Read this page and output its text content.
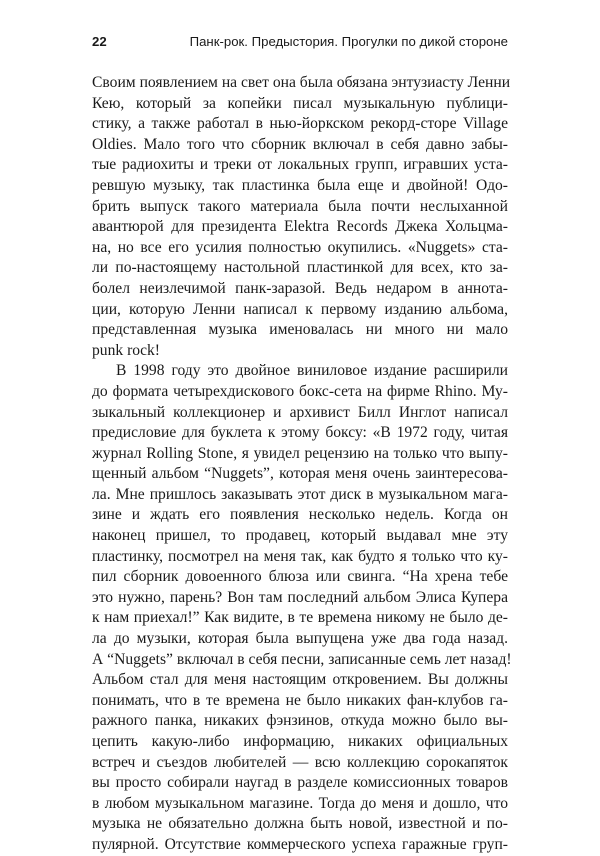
22	Панк-рок. Предыстория. Прогулки по дикой стороне
Своим появлением на свет она была обязана энтузиасту Ленни
Кею, который за копейки писал музыкальную публици-
стику, а также работал в нью-йоркском рекорд-сторе Village
Oldies. Мало того что сборник включал в себя давно забы-
тые радиохиты и треки от локальных групп, игравших уста-
ревшую музыку, так пластинка была еще и двойной! Одо-
брить выпуск такого материала была почти неслыханной
авантюрой для президента Elektra Records Джека Хольцма-
на, но все его усилия полностью окупились. «Nuggets» ста-
ли по-настоящему настольной пластинкой для всех, кто за-
болел неизлечимой панк-заразой. Ведь недаром в аннота-
ции, которую Ленни написал к первому изданию альбома,
представленная музыка именовалась ни много ни мало
punk rock!
В 1998 году это двойное виниловое издание расширили
до формата четырехдискового бокс-сета на фирме Rhino. Му-
зыкальный коллекционер и архивист Билл Инглот написал
предисловие для буклета к этому боксу: «В 1972 году, читая
журнал Rolling Stone, я увидел рецензию на только что выпу-
щенный альбом “Nuggets”, которая меня очень заинтересова-
ла. Мне пришлось заказывать этот диск в музыкальном мага-
зине и ждать его появления несколько недель. Когда он
наконец пришел, то продавец, который выдавал мне эту
пластинку, посмотрел на меня так, как будто я только что ку-
пил сборник довоенного блюза или свинга. “На хрена тебе
это нужно, парень? Вон там последний альбом Элиса Купера
к нам приехал!” Как видите, в те времена никому не было де-
ла до музыки, которая была выпущена уже два года назад.
А “Nuggets” включал в себя песни, записанные семь лет назад!
Альбом стал для меня настоящим откровением. Вы должны
понимать, что в те времена не было никаких фан-клубов га-
ражного панка, никаких фэнзинов, откуда можно было вы-
цепить какую-либо информацию, никаких официальных
встреч и съездов любителей — всю коллекцию сорокапяток
вы просто собирали наугад в разделе комиссионных товаров
в любом музыкальном магазине. Тогда до меня и дошло, что
музыка не обязательно должна быть новой, известной и по-
пулярной. Отсутствие коммерческого успеха гаражные груп-
